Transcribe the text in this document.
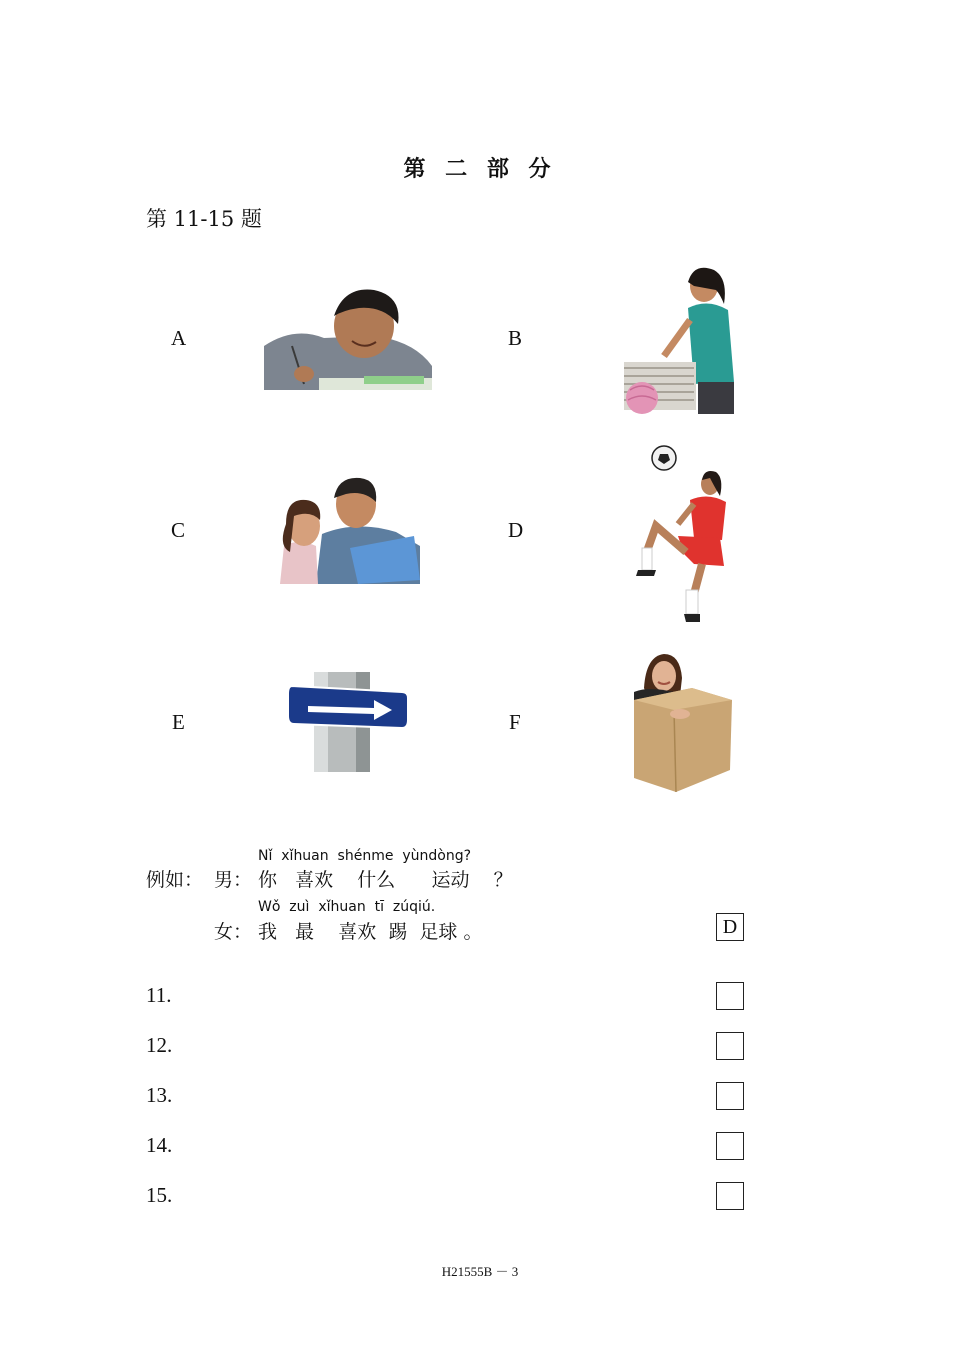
第 二 部 分
第 11-15 题
A	B
C	D
E	F
Nǐ  xǐhuan  shénme  yùndòng?
例如： 男： 你   喜欢    什么      运动    ？
Wǒ  zuì  xǐhuan  tī  zúqiú.
女： 我   最    喜欢  踢  足球 。	D
11.
12.
13.
14.
15.
H21555B － 3
